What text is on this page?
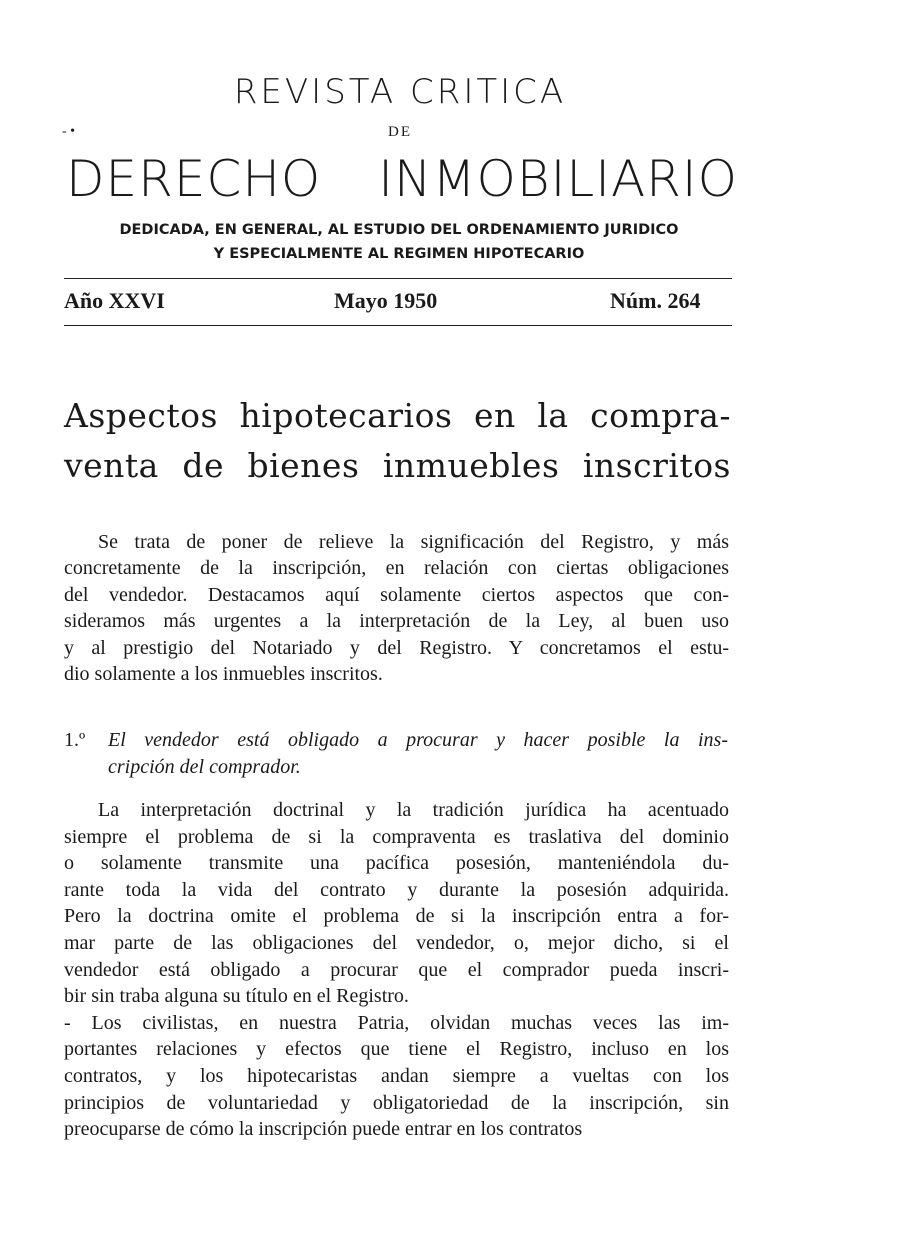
REVISTA CRITICA
- •	DE
DERECHO INMOBILIARIO
DEDICADA, EN GENERAL, AL ESTUDIO DEL ORDENAMIENTO JURIDICO
Y ESPECIALMENTE AL REGIMEN HIPOTECARIO
Año XXVI	Mayo 1950	Núm. 264
Aspectos hipotecarios en la compra-
venta de bienes inmuebles inscritos
Se trata de poner de relieve la significación del Registro, y más
concretamente de la inscripción, en relación con ciertas obligaciones
del vendedor. Destacamos aquí solamente ciertos aspectos que con-
sideramos más urgentes a la interpretación de la Ley, al buen uso
y al prestigio del Notariado y del Registro. Y concretamos el estu-
dio solamente a los inmuebles inscritos.
1.º	El vendedor está obligado a procurar y hacer posible la ins-
cripción del comprador.
La interpretación doctrinal y la tradición jurídica ha acentuado
siempre el problema de si la compraventa es traslativa del dominio
o solamente transmite una pacífica posesión, manteniéndola du-
rante toda la vida del contrato y durante la posesión adquirida.
Pero la doctrina omite el problema de si la inscripción entra a for-
mar parte de las obligaciones del vendedor, o, mejor dicho, si el
vendedor está obligado a procurar que el comprador pueda inscri-
bir sin traba alguna su título en el Registro.
- Los civilistas, en nuestra Patria, olvidan muchas veces las im-
portantes relaciones y efectos que tiene el Registro, incluso en los
contratos, y los hipotecaristas andan siempre a vueltas con los
principios de voluntariedad y obligatoriedad de la inscripción, sin
preocuparse de cómo la inscripción puede entrar en los contratos
